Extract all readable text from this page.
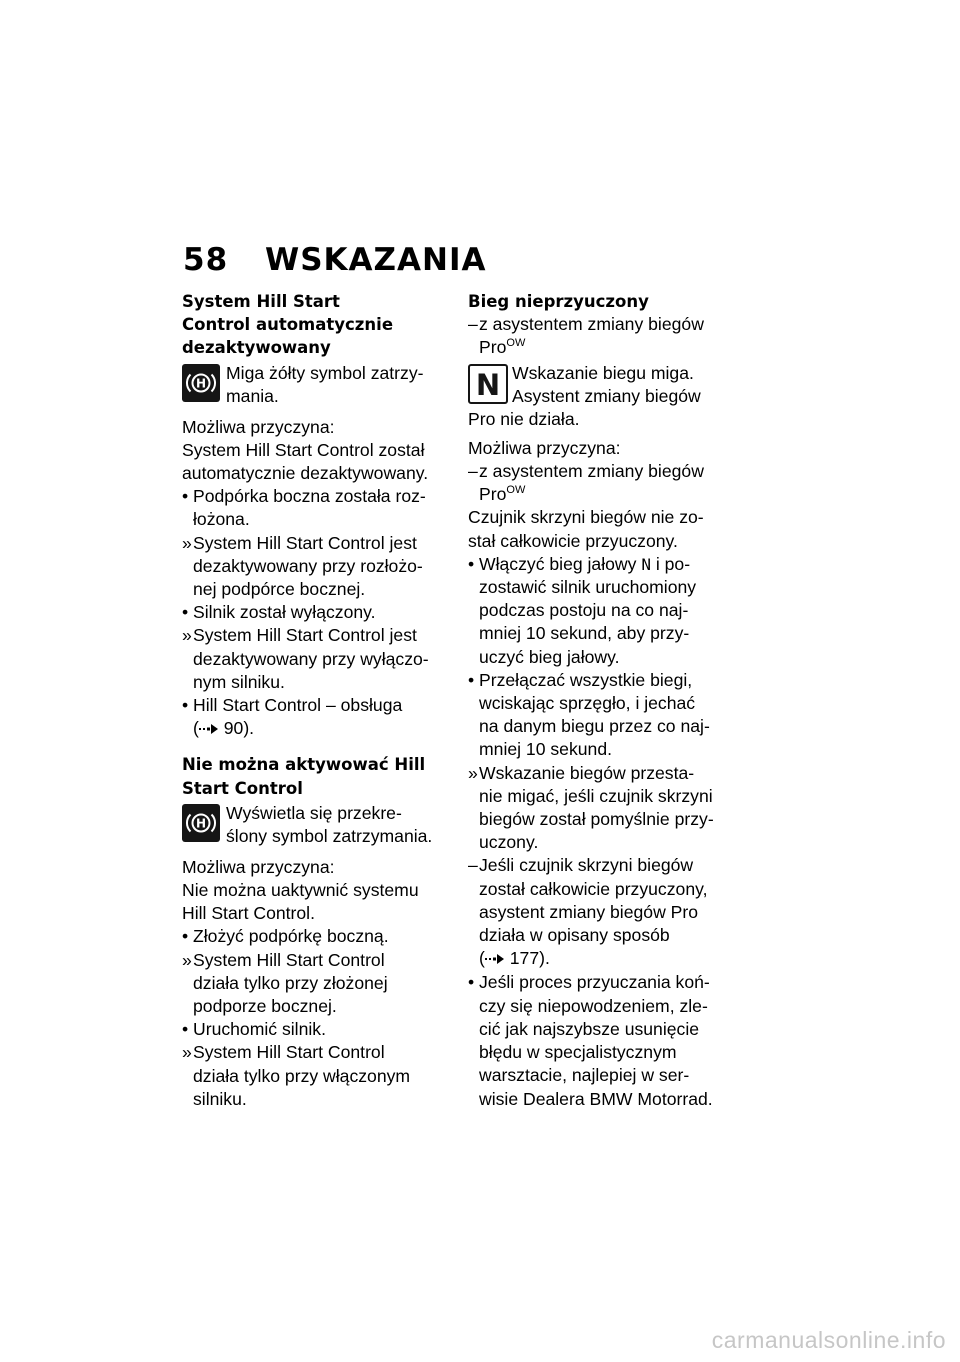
58 WSKAZANIA
System Hill Start
Control automatycznie
dezaktywowany
H
Miga żółty symbol zatrzy-
mania.

Możliwa przyczyna:

System Hill Start Control został

automatycznie dezaktywowany.

• Podpórka boczna została roz-
łożona.
» System Hill Start Control jest
dezaktywowany przy rozłożo-
nej podpórce bocznej.
• Silnik został wyłączony.
» System Hill Start Control jest
dezaktywowany przy wyłączo-
nym silniku.
• Hill Start Control – obsługa
( 90).
Nie można aktywować Hill
Start Control
H
Wyświetla się przekre-
ślony symbol zatrzymania.

Możliwa przyczyna:

Nie można uaktywnić systemu

Hill Start Control.

• Złożyć podpórkę boczną.
» System Hill Start Control
działa tylko przy złożonej
podporze bocznej.
• Uruchomić silnik.
» System Hill Start Control
działa tylko przy włączonym
silniku.
Bieg nieprzyuczony
– z asystentem zmiany biegów
Pro$^{OW}$
N Wskazanie biegu miga.
Asystent zmiany biegów

Pro nie działa.

Możliwa przyczyna:

– z asystentem zmiany biegów
Pro$^{OW}$

Czujnik skrzyni biegów nie zo-

stał całkowicie przyuczony.

• Włączyć bieg jałowy N i po-
zostawić silnik uruchomiony
podczas postoju na co naj-
mniej 10 sekund, aby przy-
uczyć bieg jałowy.
• Przełączać wszystkie biegi,
wciskając sprzęgło, i jechać
na danym biegu przez co naj-
mniej 10 sekund.
» Wskazanie biegów przesta-
nie migać, jeśli czujnik skrzyni
biegów został pomyślnie przy-
uczony.
– Jeśli czujnik skrzyni biegów
został całkowicie przyuczony,
asystent zmiany biegów Pro
działa w opisany sposób
( 177).
• Jeśli proces przyuczania koń-
czy się niepowodzeniem, zle-
cić jak najszybsze usunięcie
błędu w specjalistycznym
warsztacie, najlepiej w ser-
wisie Dealera BMW Motorrad.
carmanualsonline.info
